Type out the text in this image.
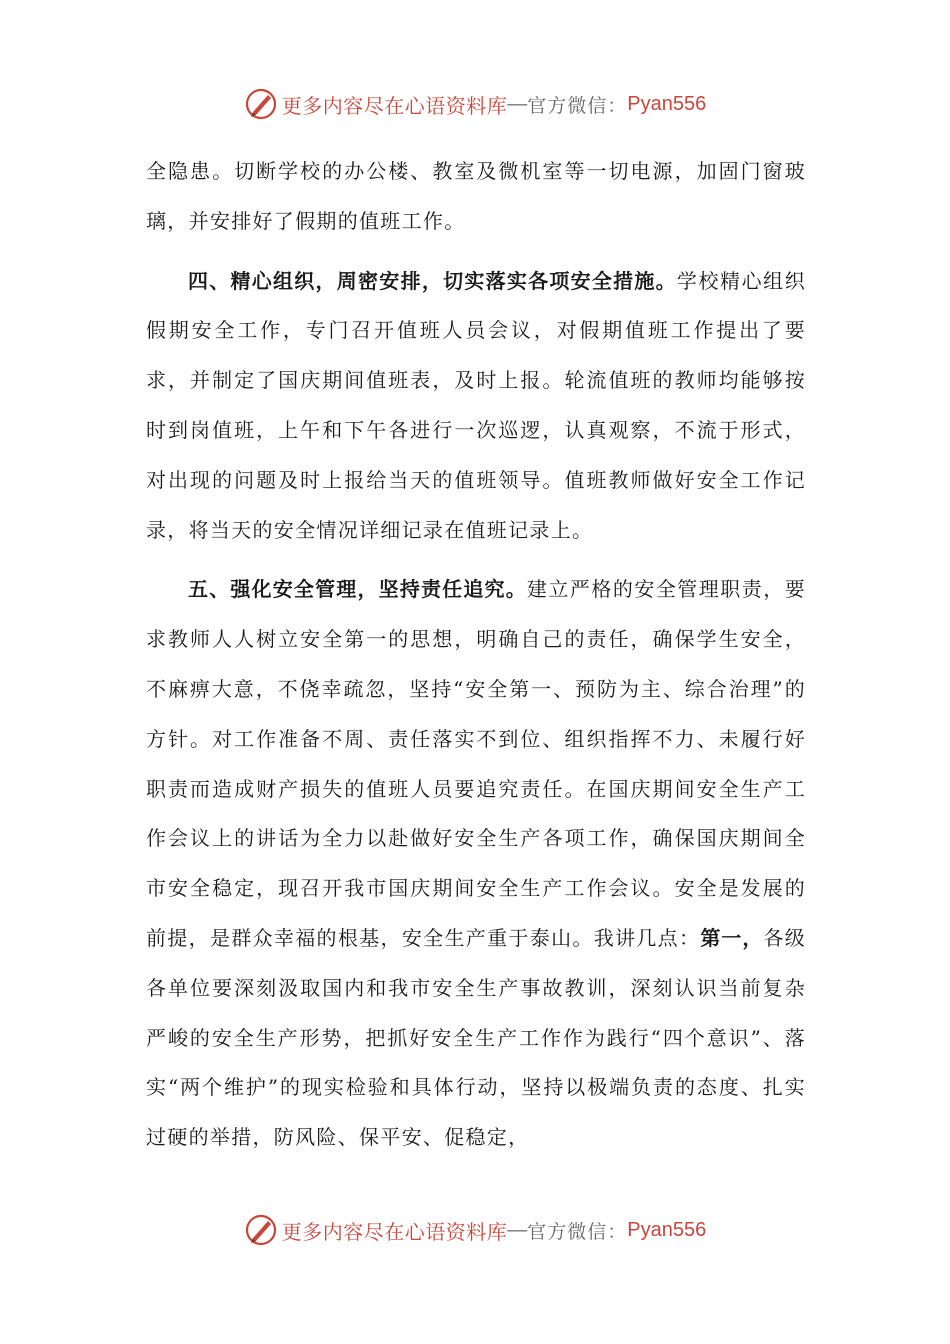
更多内容尽在心语资料库 — 官方微信： Pyan556

全隐患。切断学校的办公楼、教室及微机室等一切电源，加固门窗玻璃，并安排好了假期的值班工作。

四、精心组织，周密安排，切实落实各项安全措施。学校精心组织假期安全工作，专门召开值班人员会议，对假期值班工作提出了要求，并制定了国庆期间值班表，及时上报。轮流值班的教师均能够按时到岗值班，上午和下午各进行一次巡逻，认真观察，不流于形式，对出现的问题及时上报给当天的值班领导。值班教师做好安全工作记录，将当天的安全情况详细记录在值班记录上。

五、强化安全管理，坚持责任追究。建立严格的安全管理职责，要求教师人人树立安全第一的思想，明确自己的责任，确保学生安全，不麻痹大意，不侥幸疏忽，坚持“安全第一、预防为主、综合治理”的方针。对工作准备不周、责任落实不到位、组织指挥不力、未履行好职责而造成财产损失的值班人员要追究责任。在国庆期间安全生产工作会议上的讲话为全力以赴做好安全生产各项工作，确保国庆期间全市安全稳定，现召开我市国庆期间安全生产工作会议。安全是发展的前提，是群众幸福的根基，安全生产重于泰山。我讲几点：第一，各级各单位要深刻汲取国内和我市安全生产事故教训，深刻认识当前复杂严峻的安全生产形势，把抓好安全生产工作作为践行“四个意识”、落实“两个维护”的现实检验和具体行动，坚持以极端负责的态度、扎实过硬的举措，防风险、保平安、促稳定，

更多内容尽在心语资料库 — 官方微信： Pyan556
